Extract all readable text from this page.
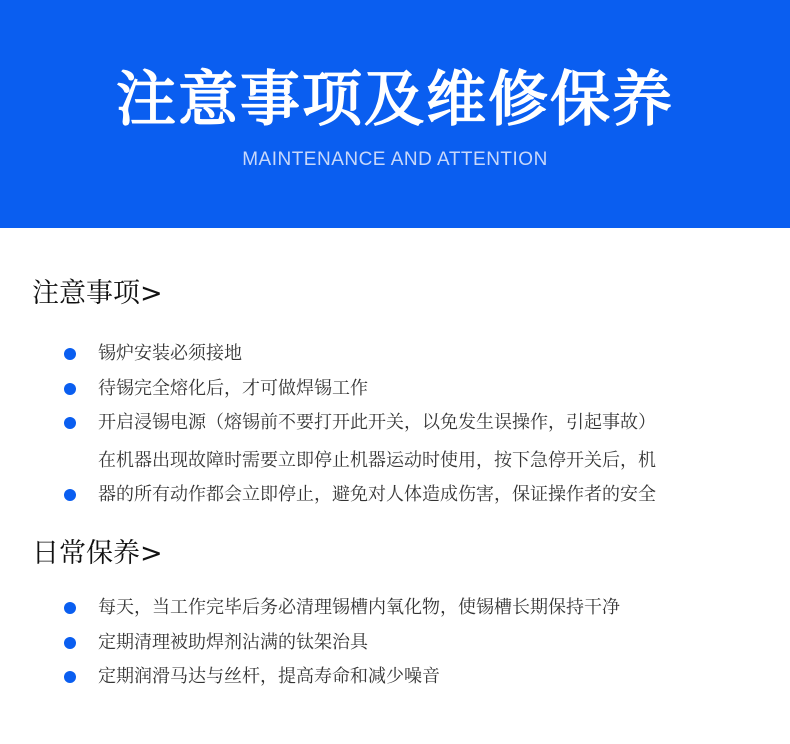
注意事项及维修保养
MAINTENANCE AND ATTENTION
注意事项>
锡炉安装必须接地
待锡完全熔化后，才可做焊锡工作
开启浸锡电源（熔锡前不要打开此开关，以免发生误操作，引起事故）
在机器出现故障时需要立即停止机器运动时使用，按下急停开关后，机
器的所有动作都会立即停止，避免对人体造成伤害，保证操作者的安全
日常保养>
每天，当工作完毕后务必清理锡槽内氧化物，使锡槽长期保持干净
定期清理被助焊剂沾满的钛架治具
定期润滑马达与丝杆，提高寿命和减少噪音
